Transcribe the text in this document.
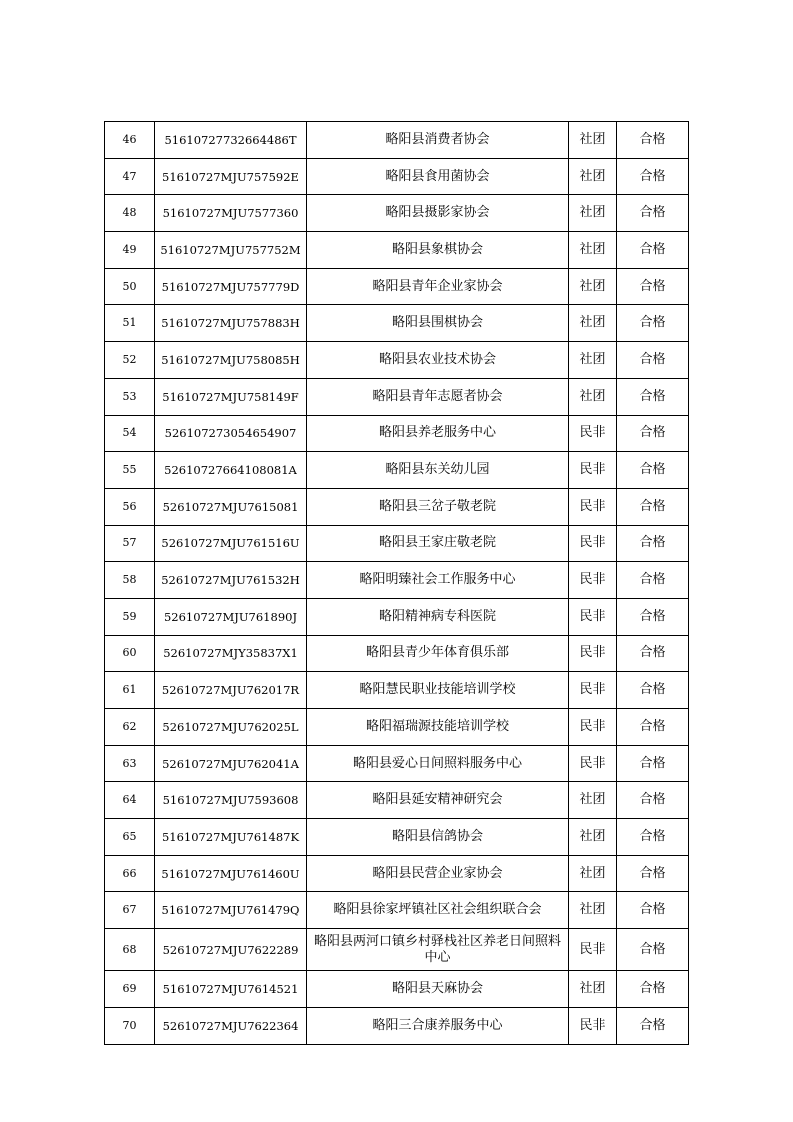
46	51610727732664486T	略阳县消费者协会	社团	合格
47	51610727MJU757592E	略阳县食用菌协会	社团	合格
48	51610727MJU7577360	略阳县摄影家协会	社团	合格
49	51610727MJU757752M	略阳县象棋协会	社团	合格
50	51610727MJU757779D	略阳县青年企业家协会	社团	合格
51	51610727MJU757883H	略阳县围棋协会	社团	合格
52	51610727MJU758085H	略阳县农业技术协会	社团	合格
53	51610727MJU758149F	略阳县青年志愿者协会	社团	合格
54	526107273054654907	略阳县养老服务中心	民非	合格
55	52610727664108081A	略阳县东关幼儿园	民非	合格
56	52610727MJU7615081	略阳县三岔子敬老院	民非	合格
57	52610727MJU761516U	略阳县王家庄敬老院	民非	合格
58	52610727MJU761532H	略阳明臻社会工作服务中心	民非	合格
59	52610727MJU761890J	略阳精神病专科医院	民非	合格
60	52610727MJY35837X1	略阳县青少年体育俱乐部	民非	合格
61	52610727MJU762017R	略阳慧民职业技能培训学校	民非	合格
62	52610727MJU762025L	略阳福瑞源技能培训学校	民非	合格
63	52610727MJU762041A	略阳县爱心日间照料服务中心	民非	合格
64	51610727MJU7593608	略阳县延安精神研究会	社团	合格
65	51610727MJU761487K	略阳县信鸽协会	社团	合格
66	51610727MJU761460U	略阳县民营企业家协会	社团	合格
67	51610727MJU761479Q	略阳县徐家坪镇社区社会组织联合会	社团	合格
68	52610727MJU7622289	略阳县两河口镇乡村驿栈社区养老日间照料中心	民非	合格
69	51610727MJU7614521	略阳县天麻协会	社团	合格
70	52610727MJU7622364	略阳三合康养服务中心	民非	合格
